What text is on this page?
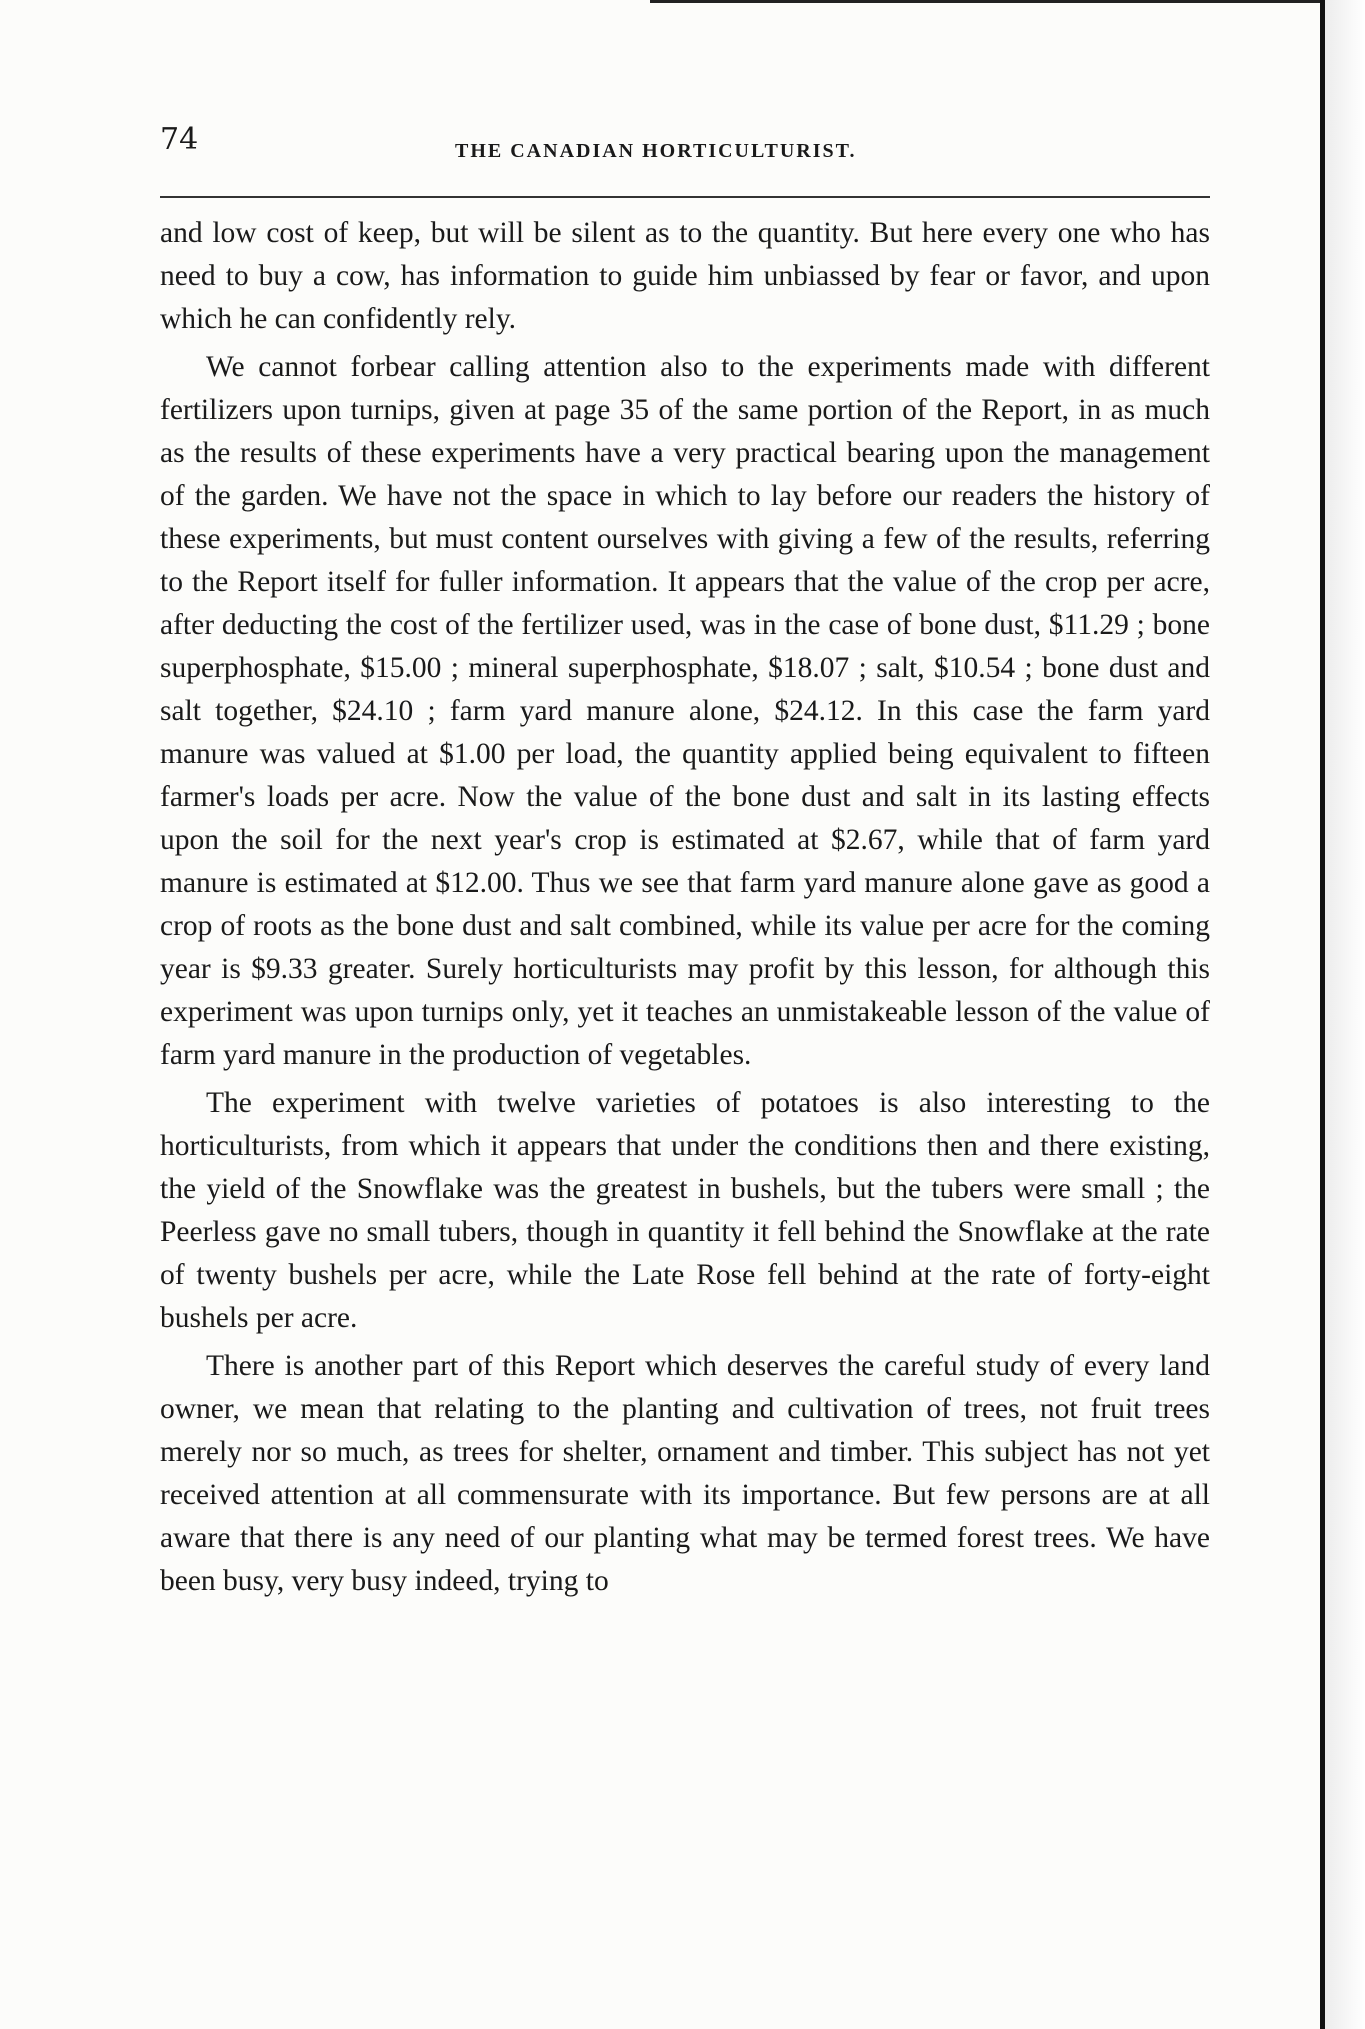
74	THE CANADIAN HORTICULTURIST.

and low cost of keep, but will be silent as to the quantity. But here every one who has need to buy a cow, has information to guide him unbiassed by fear or favor, and upon which he can confidently rely.

We cannot forbear calling attention also to the experiments made with different fertilizers upon turnips, given at page 35 of the same portion of the Report, in as much as the results of these experiments have a very practical bearing upon the management of the garden. We have not the space in which to lay before our readers the history of these experiments, but must content ourselves with giving a few of the results, referring to the Report itself for fuller information. It appears that the value of the crop per acre, after deducting the cost of the fertilizer used, was in the case of bone dust, $11.29 ; bone superphosphate, $15.00 ; mineral superphosphate, $18.07 ; salt, $10.54 ; bone dust and salt together, $24.10 ; farm yard manure alone, $24.12. In this case the farm yard manure was valued at $1.00 per load, the quantity applied being equivalent to fifteen farmer's loads per acre. Now the value of the bone dust and salt in its lasting effects upon the soil for the next year's crop is estimated at $2.67, while that of farm yard manure is estimated at $12.00. Thus we see that farm yard manure alone gave as good a crop of roots as the bone dust and salt combined, while its value per acre for the coming year is $9.33 greater. Surely horticulturists may profit by this lesson, for although this experiment was upon turnips only, yet it teaches an unmistakeable lesson of the value of farm yard manure in the production of vegetables.

The experiment with twelve varieties of potatoes is also interesting to the horticulturists, from which it appears that under the conditions then and there existing, the yield of the Snowflake was the greatest in bushels, but the tubers were small ; the Peerless gave no small tubers, though in quantity it fell behind the Snowflake at the rate of twenty bushels per acre, while the Late Rose fell behind at the rate of forty-eight bushels per acre.

There is another part of this Report which deserves the careful study of every land owner, we mean that relating to the planting and cultivation of trees, not fruit trees merely nor so much, as trees for shelter, ornament and timber. This subject has not yet received attention at all commensurate with its importance. But few persons are at all aware that there is any need of our planting what may be termed forest trees. We have been busy, very busy indeed, trying to
